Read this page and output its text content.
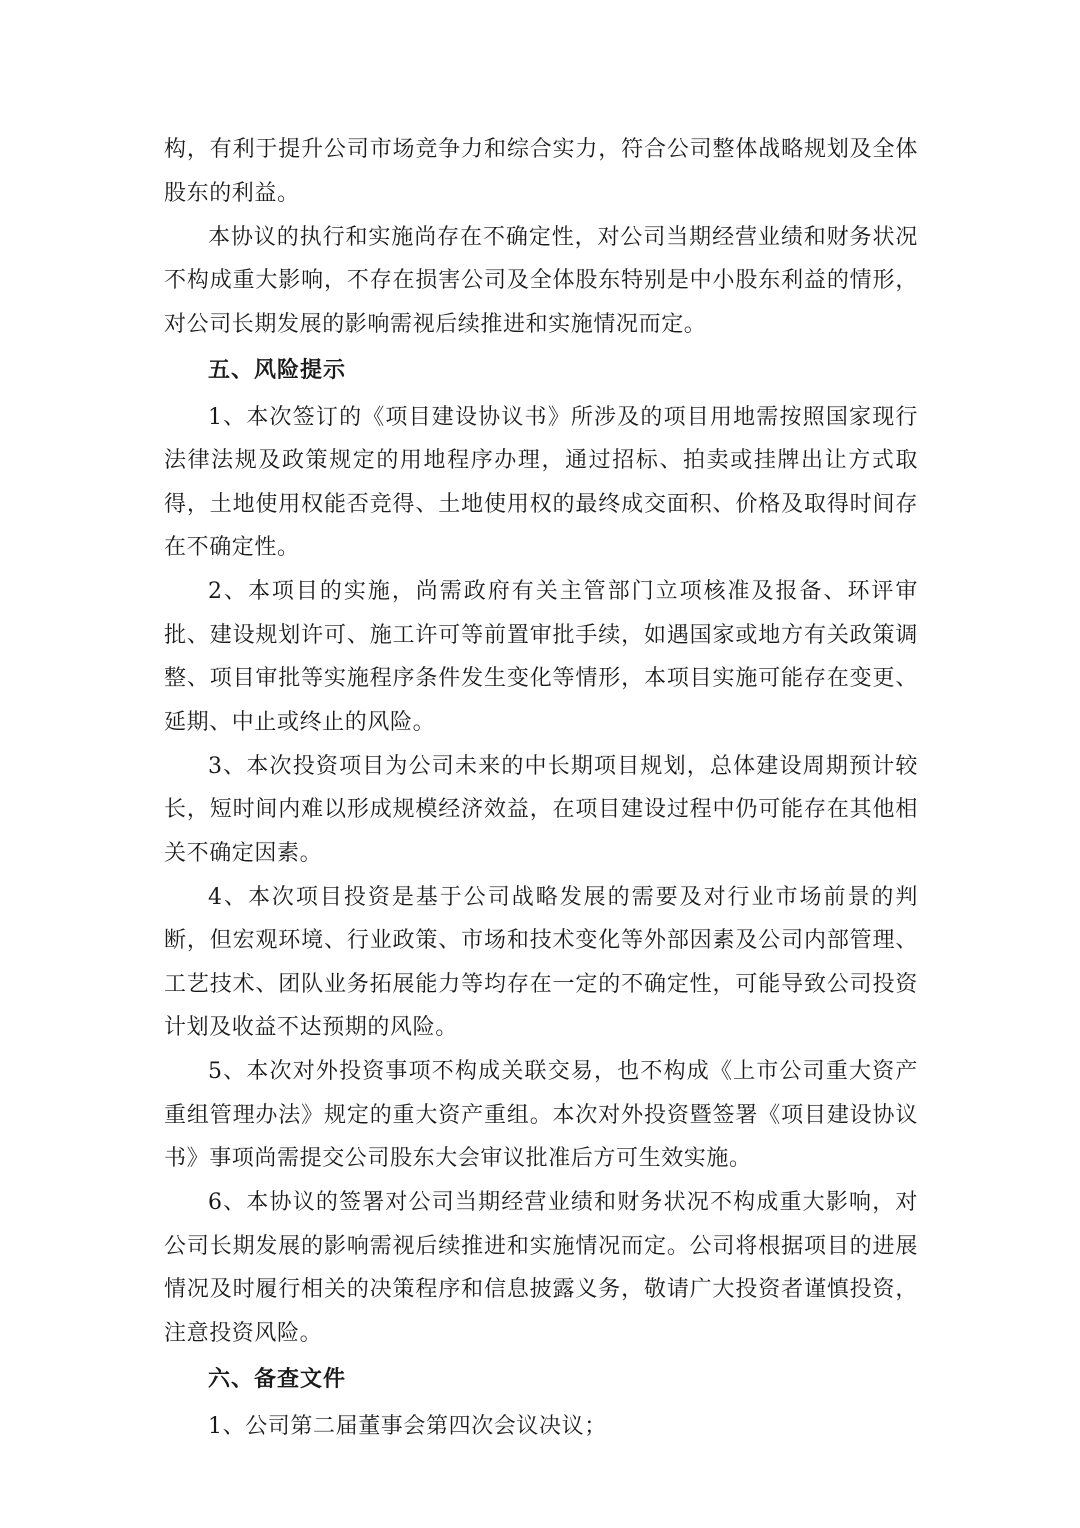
构，有利于提升公司市场竞争力和综合实力，符合公司整体战略规划及全体股东的利益。

本协议的执行和实施尚存在不确定性，对公司当期经营业绩和财务状况不构成重大影响，不存在损害公司及全体股东特别是中小股东利益的情形，对公司长期发展的影响需视后续推进和实施情况而定。

五、风险提示

1、本次签订的《项目建设协议书》所涉及的项目用地需按照国家现行法律法规及政策规定的用地程序办理，通过招标、拍卖或挂牌出让方式取得，土地使用权能否竞得、土地使用权的最终成交面积、价格及取得时间存在不确定性。

2、本项目的实施，尚需政府有关主管部门立项核准及报备、环评审批、建设规划许可、施工许可等前置审批手续，如遇国家或地方有关政策调整、项目审批等实施程序条件发生变化等情形，本项目实施可能存在变更、延期、中止或终止的风险。

3、本次投资项目为公司未来的中长期项目规划，总体建设周期预计较长，短时间内难以形成规模经济效益，在项目建设过程中仍可能存在其他相关不确定因素。

4、本次项目投资是基于公司战略发展的需要及对行业市场前景的判断，但宏观环境、行业政策、市场和技术变化等外部因素及公司内部管理、工艺技术、团队业务拓展能力等均存在一定的不确定性，可能导致公司投资计划及收益不达预期的风险。

5、本次对外投资事项不构成关联交易，也不构成《上市公司重大资产重组管理办法》规定的重大资产重组。本次对外投资暨签署《项目建设协议书》事项尚需提交公司股东大会审议批准后方可生效实施。

6、本协议的签署对公司当期经营业绩和财务状况不构成重大影响，对公司长期发展的影响需视后续推进和实施情况而定。公司将根据项目的进展情况及时履行相关的决策程序和信息披露义务，敬请广大投资者谨慎投资，注意投资风险。

六、备查文件

1、公司第二届董事会第四次会议决议；
